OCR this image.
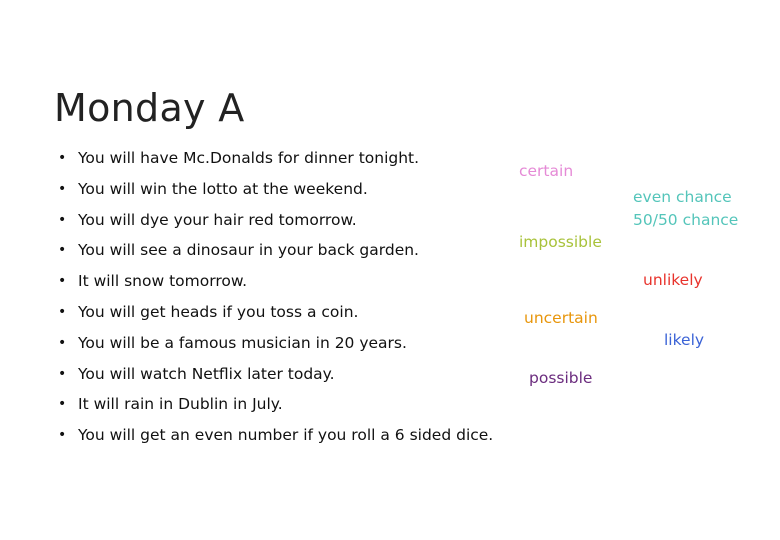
Monday A
• You will have Mc.Donalds for dinner tonight.
• You will win the lotto at the weekend.
• You will dye your hair red tomorrow.
• You will see a dinosaur in your back garden.
• It will snow tomorrow.
• You will get heads if you toss a coin.
• You will be a famous musician in 20 years.
• You will watch Netflix later today.
• It will rain in Dublin in July.
• You will get an even number if you roll a 6 sided dice.
certain
even chance
50/50 chance
impossible
unlikely
uncertain
likely
possible
